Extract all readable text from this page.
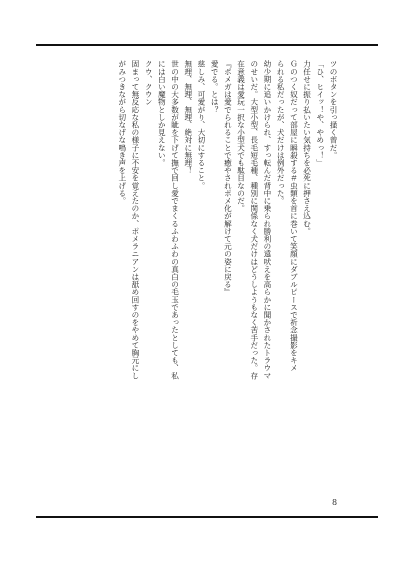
ツのボタンを引っ掻く曾だ。
「ひ、ヒイッ！や、やめっ！」
力任せに振り払いたい気持ちを必死に押さえ込む。
Ｇのつく奴だって部屋に瞬殺する＃虫類を首に巻いて笑顔にダブルピースで祈念撮影をキメ
られる私だったが、犬だけは例外だった。
幼少期に追いかけられ、すっ転んだ背中に乗られ勝利の遠吠えを高らかに聞かされたトラウマ
のせいだ。大型小型、長毛短毛種、種別に関係なく犬だけはどうしようもなく苦手だった。存
在意義は愛玩一択な小型犬でも駄目なのだ。
『ポメガは愛でられることで癒やされポメ化が解けて元の姿に戻る』
愛でる。とは？
慈しみ、可愛がり、大切にすること。
無理、無理、無理、絶対に無理！
世の中の大多数が眦を下げて撫で回し愛でまくるふわふわの真白の毛玉であったとしても、私
には白い魔物としか見えない。
クウ、クウン
固まって無反応な私の様子に不安を覚えたのか、ポメラニアンは舐め回すのをやめて胸元にし
がみつきながら切なげな鳴き声を上げる。
8
